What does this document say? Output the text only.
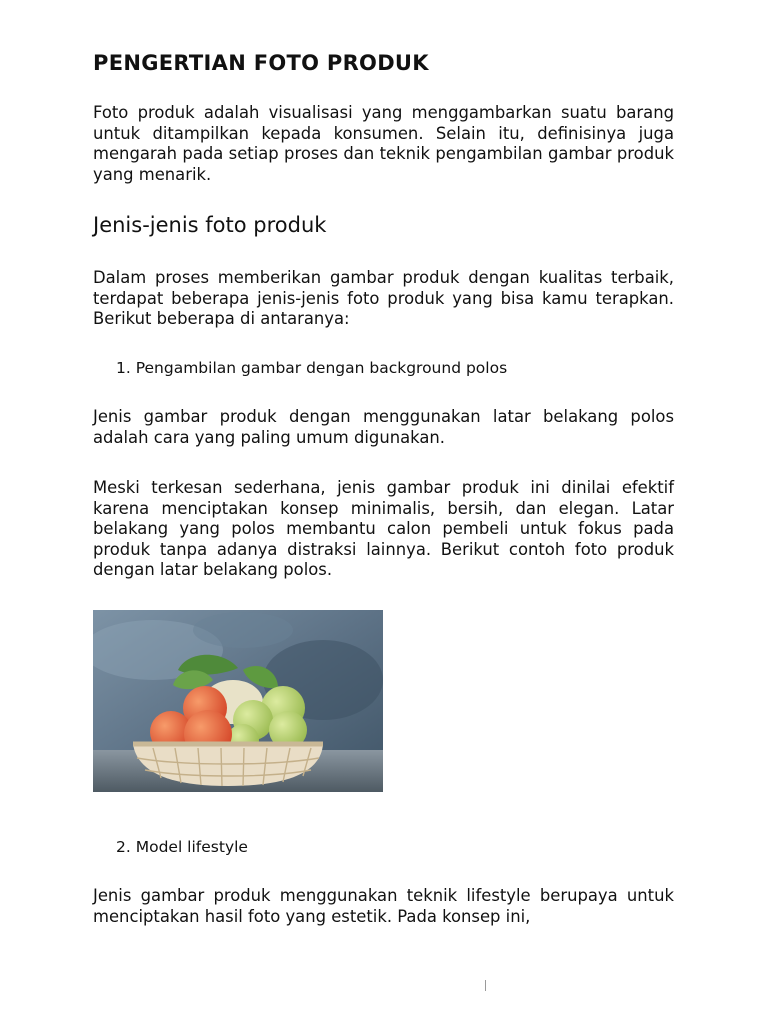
PENGERTIAN FOTO PRODUK

Foto produk adalah visualisasi yang menggambarkan suatu barang untuk ditampilkan kepada konsumen. Selain itu, definisinya juga mengarah pada setiap proses dan teknik pengambilan gambar produk yang menarik.

Jenis-jenis foto produk

Dalam proses memberikan gambar produk dengan kualitas terbaik, terdapat beberapa jenis-jenis foto produk yang bisa kamu terapkan. Berikut beberapa di antaranya:

1. Pengambilan gambar dengan background polos

Jenis gambar produk dengan menggunakan latar belakang polos adalah cara yang paling umum digunakan.

Meski terkesan sederhana, jenis gambar produk ini dinilai efektif karena menciptakan konsep minimalis, bersih, dan elegan. Latar belakang yang polos membantu calon pembeli untuk fokus pada produk tanpa adanya distraksi lainnya. Berikut contoh foto produk dengan latar belakang polos.

2. Model lifestyle

Jenis gambar produk menggunakan teknik lifestyle berupaya untuk menciptakan hasil foto yang estetik. Pada konsep ini,
